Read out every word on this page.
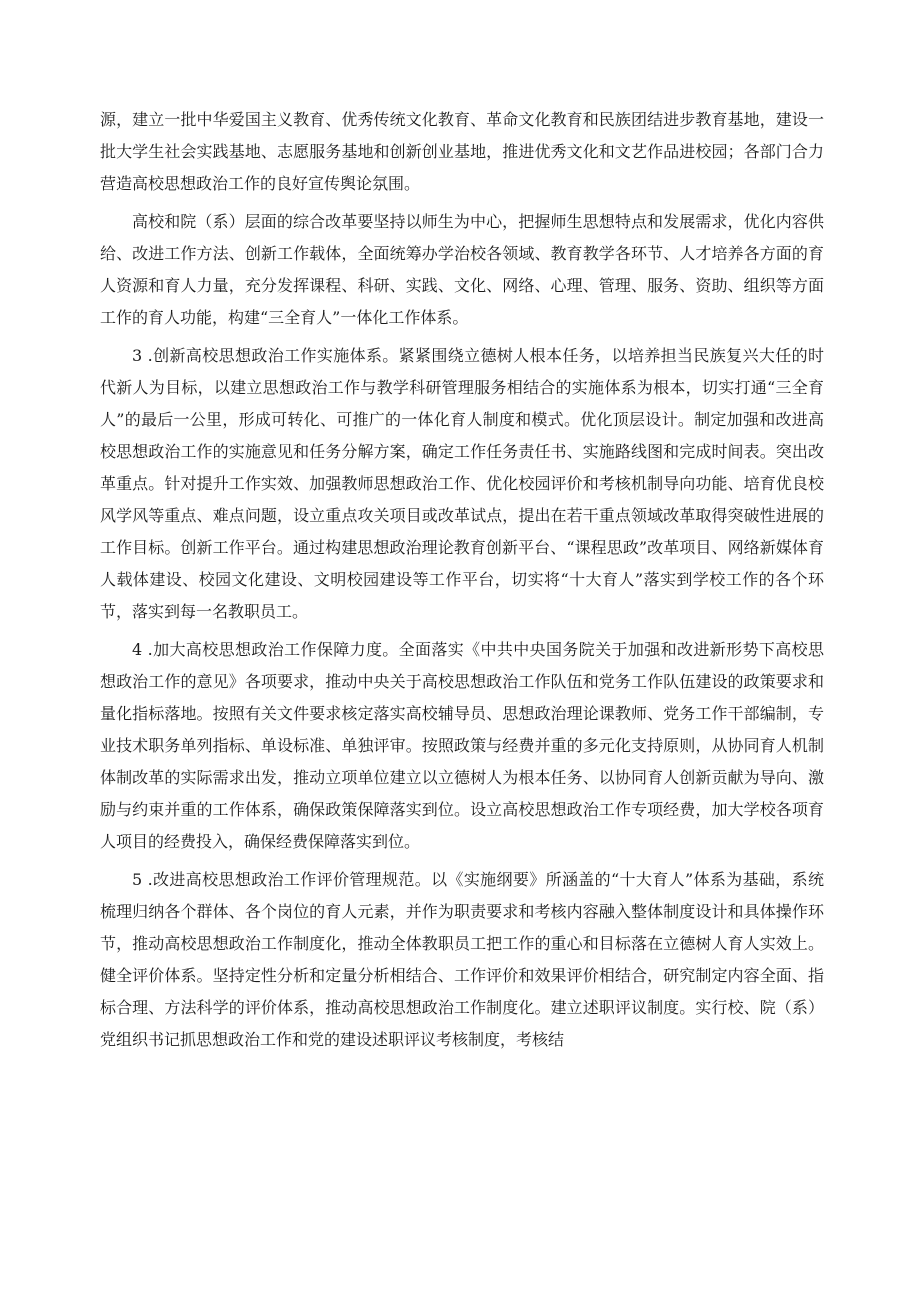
源，建立一批中华爱国主义教育、优秀传统文化教育、革命文化教育和民族团结进步教育基地，建设一批大学生社会实践基地、志愿服务基地和创新创业基地，推进优秀文化和文艺作品进校园；各部门合力营造高校思想政治工作的良好宣传舆论氛围。

高校和院（系）层面的综合改革要坚持以师生为中心，把握师生思想特点和发展需求，优化内容供给、改进工作方法、创新工作载体，全面统筹办学治校各领域、教育教学各环节、人才培养各方面的育人资源和育人力量，充分发挥课程、科研、实践、文化、网络、心理、管理、服务、资助、组织等方面工作的育人功能，构建“三全育人”一体化工作体系。

3 .创新高校思想政治工作实施体系。紧紧围绕立德树人根本任务，以培养担当民族复兴大任的时代新人为目标，以建立思想政治工作与教学科研管理服务相结合的实施体系为根本，切实打通“三全育人”的最后一公里，形成可转化、可推广的一体化育人制度和模式。优化顶层设计。制定加强和改进高校思想政治工作的实施意见和任务分解方案，确定工作任务责任书、实施路线图和完成时间表。突出改革重点。针对提升工作实效、加强教师思想政治工作、优化校园评价和考核机制导向功能、培育优良校风学风等重点、难点问题，设立重点攻关项目或改革试点，提出在若干重点领域改革取得突破性进展的工作目标。创新工作平台。通过构建思想政治理论教育创新平台、“课程思政”改革项目、网络新媒体育人载体建设、校园文化建设、文明校园建设等工作平台，切实将“十大育人”落实到学校工作的各个环节，落实到每一名教职员工。

4 .加大高校思想政治工作保障力度。全面落实《中共中央国务院关于加强和改进新形势下高校思想政治工作的意见》各项要求，推动中央关于高校思想政治工作队伍和党务工作队伍建设的政策要求和量化指标落地。按照有关文件要求核定落实高校辅导员、思想政治理论课教师、党务工作干部编制，专业技术职务单列指标、单设标准、单独评审。按照政策与经费并重的多元化支持原则，从协同育人机制体制改革的实际需求出发，推动立项单位建立以立德树人为根本任务、以协同育人创新贡献为导向、激励与约束并重的工作体系，确保政策保障落实到位。设立高校思想政治工作专项经费，加大学校各项育人项目的经费投入，确保经费保障落实到位。

5 .改进高校思想政治工作评价管理规范。以《实施纲要》所涵盖的“十大育人”体系为基础，系统梳理归纳各个群体、各个岗位的育人元素，并作为职责要求和考核内容融入整体制度设计和具体操作环节，推动高校思想政治工作制度化，推动全体教职员工把工作的重心和目标落在立德树人育人实效上。健全评价体系。坚持定性分析和定量分析相结合、工作评价和效果评价相结合，研究制定内容全面、指标合理、方法科学的评价体系，推动高校思想政治工作制度化。建立述职评议制度。实行校、院（系）党组织书记抓思想政治工作和党的建设述职评议考核制度，考核结
